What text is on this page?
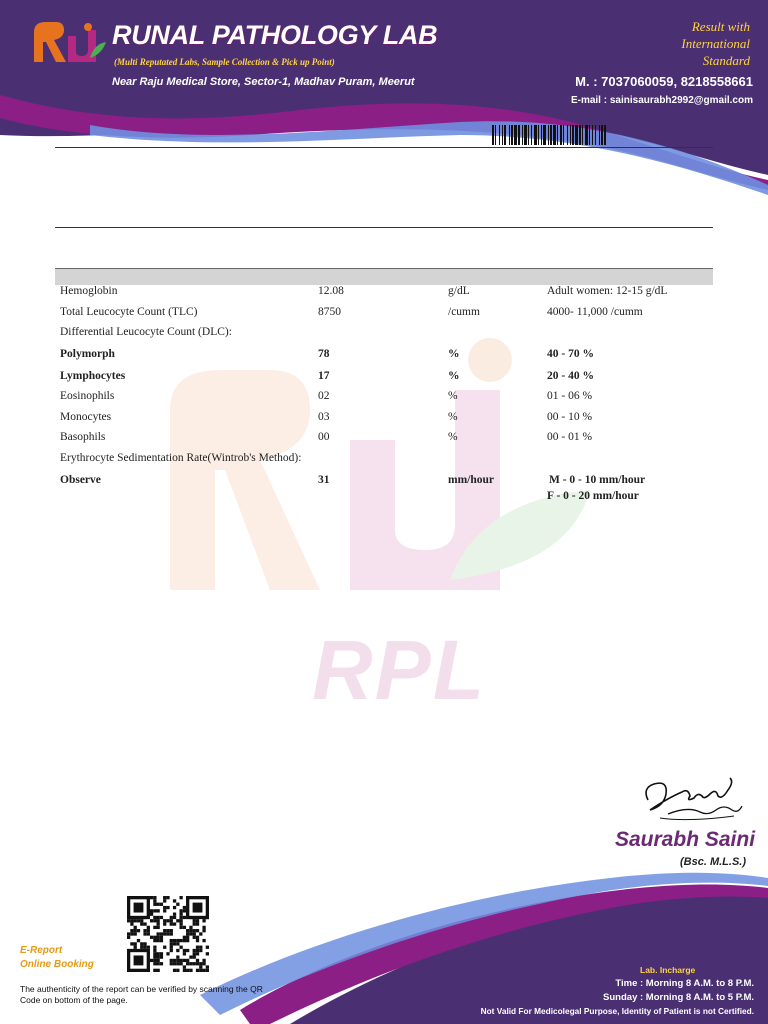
RUNAL PATHOLOGY LAB
(Multi Reputated Labs, Sample Collection & Pick up Point)
Near Raju Medical Store, Sector-1, Madhav Puram, Meerut
Result with
International
Standard
M. : 7037060059, 8218558661
E-mail : sainisaurabh2992@gmail.com
RPL
Hemoglobin	12.08	g/dL	Adult women: 12-15 g/dL
Total Leucocyte Count (TLC)	8750	/cumm	4000- 11,000 /cumm
Differential Leucocyte Count (DLC):
Polymorph	78	%	40 - 70 %
Lymphocytes	17	%	20 - 40 %
Eosinophils	02	%	01 - 06 %
Monocytes	03	%	00 - 10 %
Basophils	00	%	00 - 01 %
Erythrocyte Sedimentation Rate(Wintrob's Method):
Observe	31	mm/hour	M - 0 - 10 mm/hour
F - 0 - 20 mm/hour
Saurabh Saini
(Bsc. M.L.S.)
E-Report
Online Booking
The authenticity of the report can be verified by scanning the QR Code on bottom of the page.
Lab. Incharge
Time : Morning 8 A.M. to 8 P.M.
Sunday : Morning 8 A.M. to 5 P.M.
Not Valid For Medicolegal Purpose, Identity of Patient is not Certified.
